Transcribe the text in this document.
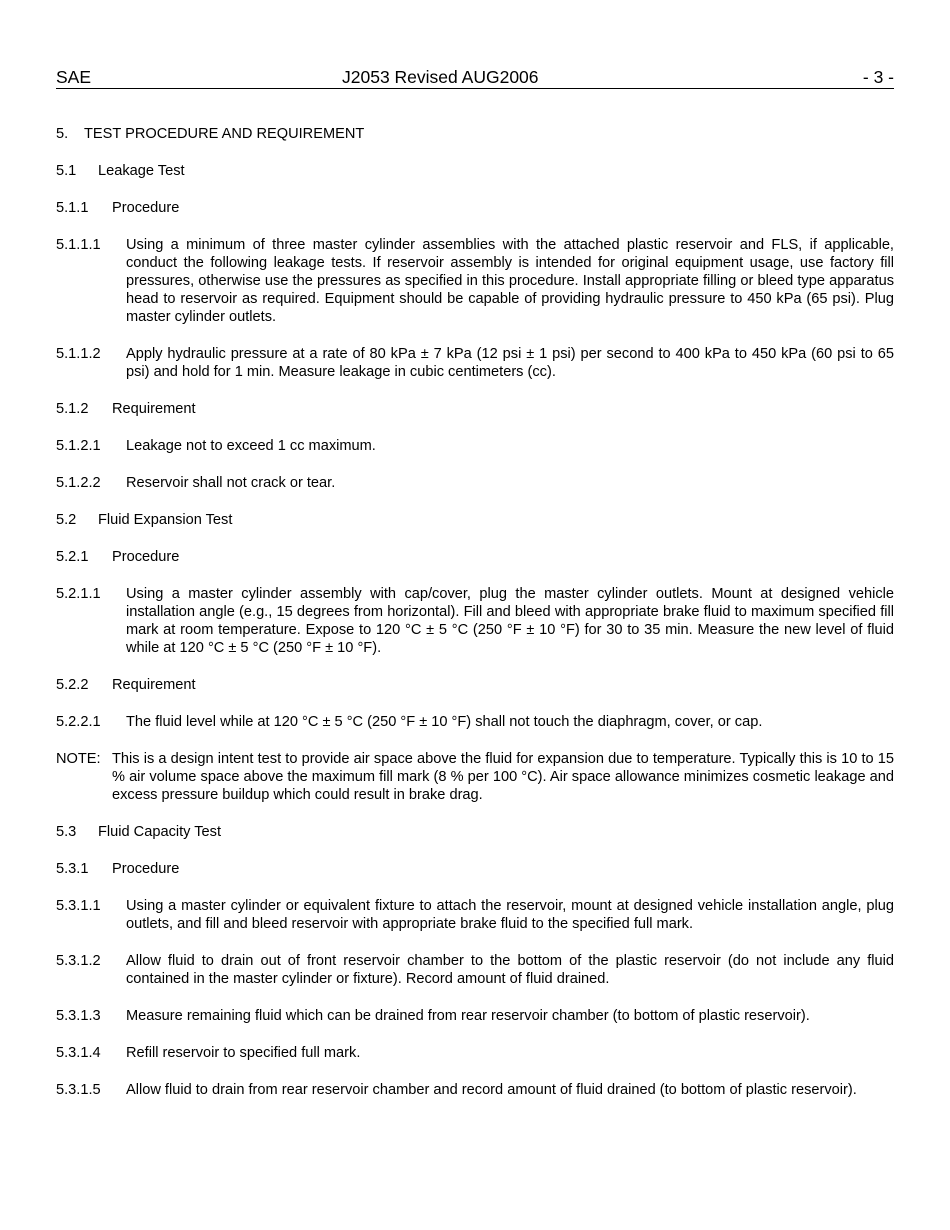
SAE	J2053 Revised AUG2006	- 3 -
5.	TEST PROCEDURE AND REQUIREMENT
5.1	Leakage Test
5.1.1	Procedure
5.1.1.1	Using a minimum of three master cylinder assemblies with the attached plastic reservoir and FLS, if applicable, conduct the following leakage tests. If reservoir assembly is intended for original equipment usage, use factory fill pressures, otherwise use the pressures as specified in this procedure. Install appropriate filling or bleed type apparatus head to reservoir as required. Equipment should be capable of providing hydraulic pressure to 450 kPa (65 psi). Plug master cylinder outlets.
5.1.1.2	Apply hydraulic pressure at a rate of 80 kPa ± 7 kPa (12 psi ± 1 psi) per second to 400 kPa to 450 kPa (60 psi to 65 psi) and hold for 1 min. Measure leakage in cubic centimeters (cc).
5.1.2	Requirement
5.1.2.1	Leakage not to exceed 1 cc maximum.
5.1.2.2	Reservoir shall not crack or tear.
5.2	Fluid Expansion Test
5.2.1	Procedure
5.2.1.1	Using a master cylinder assembly with cap/cover, plug the master cylinder outlets. Mount at designed vehicle installation angle (e.g., 15 degrees from horizontal). Fill and bleed with appropriate brake fluid to maximum specified fill mark at room temperature. Expose to 120 °C ± 5 °C (250 °F ± 10 °F) for 30 to 35 min. Measure the new level of fluid while at 120 °C ± 5 °C (250 °F ± 10 °F).
5.2.2	Requirement
5.2.2.1	The fluid level while at 120 °C ± 5 °C (250 °F ± 10 °F) shall not touch the diaphragm, cover, or cap.
NOTE: This is a design intent test to provide air space above the fluid for expansion due to temperature. Typically this is 10 to 15 % air volume space above the maximum fill mark (8 % per 100 °C). Air space allowance minimizes cosmetic leakage and excess pressure buildup which could result in brake drag.
5.3	Fluid Capacity Test
5.3.1	Procedure
5.3.1.1	Using a master cylinder or equivalent fixture to attach the reservoir, mount at designed vehicle installation angle, plug outlets, and fill and bleed reservoir with appropriate brake fluid to the specified full mark.
5.3.1.2	Allow fluid to drain out of front reservoir chamber to the bottom of the plastic reservoir (do not include any fluid contained in the master cylinder or fixture). Record amount of fluid drained.
5.3.1.3	Measure remaining fluid which can be drained from rear reservoir chamber (to bottom of plastic reservoir).
5.3.1.4	Refill reservoir to specified full mark.
5.3.1.5	Allow fluid to drain from rear reservoir chamber and record amount of fluid drained (to bottom of plastic reservoir).
